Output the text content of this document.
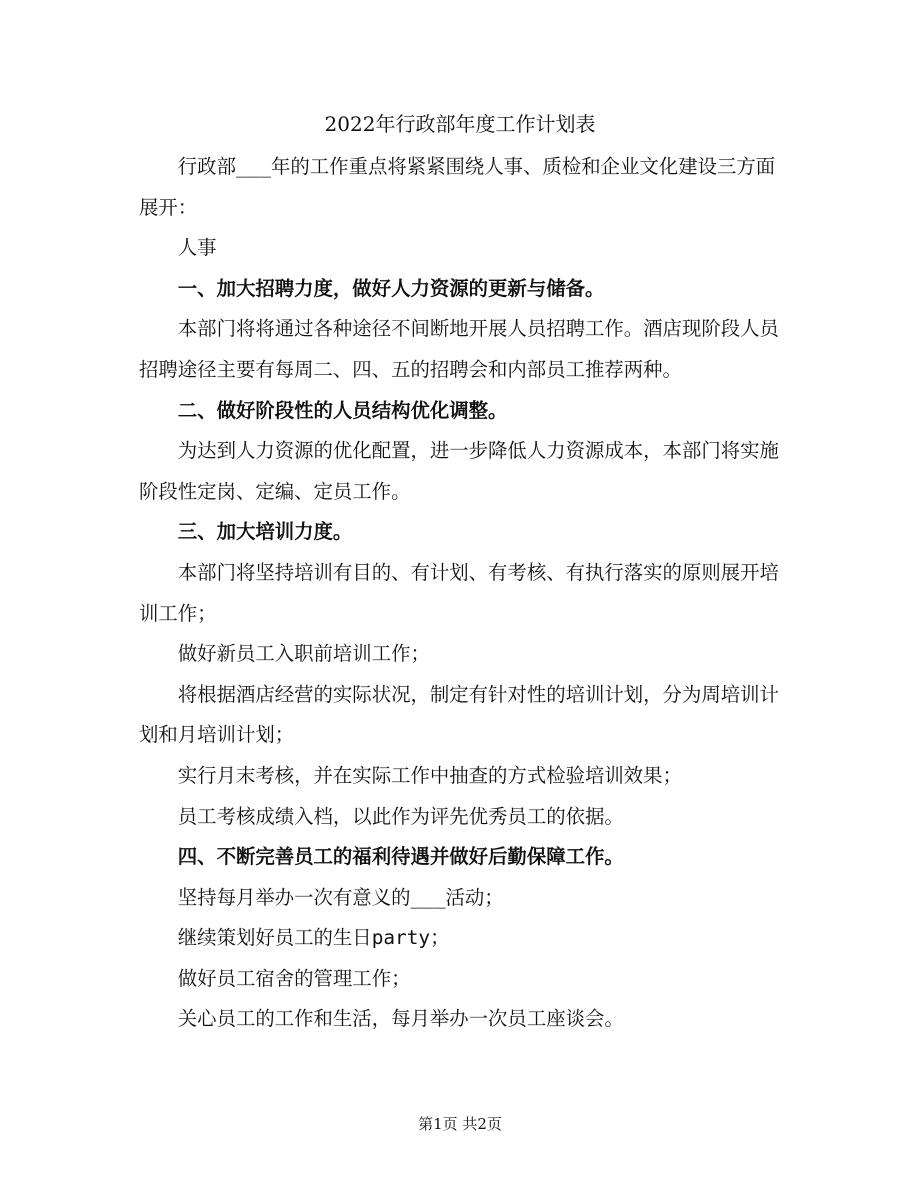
2022年行政部年度工作计划表

行政部___年的工作重点将紧紧围绕人事、质检和企业文化建设三方面展开：

人事

一、加大招聘力度，做好人力资源的更新与储备。

本部门将将通过各种途径不间断地开展人员招聘工作。酒店现阶段人员招聘途径主要有每周二、四、五的招聘会和内部员工推荐两种。

二、做好阶段性的人员结构优化调整。

为达到人力资源的优化配置，进一步降低人力资源成本，本部门将实施阶段性定岗、定编、定员工作。

三、加大培训力度。

本部门将坚持培训有目的、有计划、有考核、有执行落实的原则展开培训工作；

做好新员工入职前培训工作；

将根据酒店经营的实际状况，制定有针对性的培训计划，分为周培训计划和月培训计划；

实行月末考核，并在实际工作中抽查的方式检验培训效果；

员工考核成绩入档，以此作为评先优秀员工的依据。

四、不断完善员工的福利待遇并做好后勤保障工作。

坚持每月举办一次有意义的___活动；

继续策划好员工的生日party；

做好员工宿舍的管理工作；

关心员工的工作和生活，每月举办一次员工座谈会。

第1页 共2页
